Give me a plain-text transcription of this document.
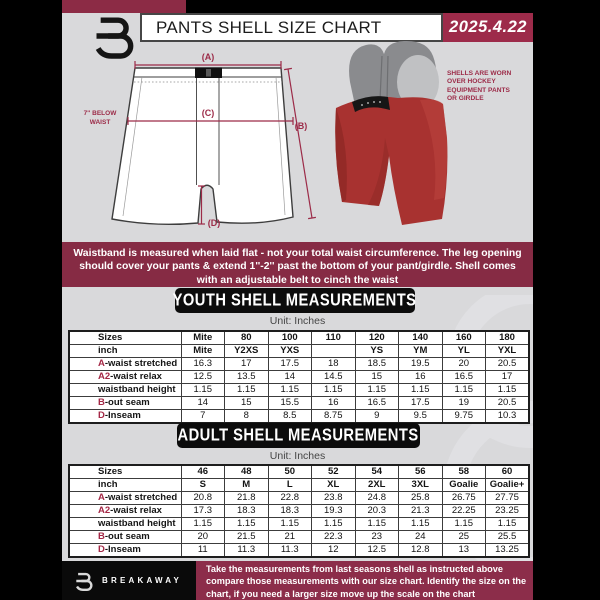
PANTS SHELL SIZE CHART	2025.4.22
(A)
(C)
(B)
(D)
7'' BELOW
WAIST
SHELLS ARE WORN OVER HOCKEY EQUIPMENT PANTS OR GIRDLE
Waistband is measured when laid flat - not your total waist circumference. The leg opening should cover your pants & extend 1''-2'' past the bottom of your pant/girdle. Shell comes with an adjustable belt to cinch the waist
YOUTH SHELL MEASUREMENTS
Unit: Inches
Sizes	Mite	80	100	110	120	140	160	180
inch	Mite	Y2XS	YXS		YS	YM	YL	YXL
A-waist stretched	16.3	17	17.5	18	18.5	19.5	20	20.5
A2-waist relax	12.5	13.5	14	14.5	15	16	16.5	17
waistband height	1.15	1.15	1.15	1.15	1.15	1.15	1.15	1.15
B-out seam	14	15	15.5	16	16.5	17.5	19	20.5
D-Inseam	7	8	8.5	8.75	9	9.5	9.75	10.3
ADULT SHELL MEASUREMENTS
Unit: Inches
Sizes	46	48	50	52	54	56	58	60
inch	S	M	L	XL	2XL	3XL	Goalie	Goalie+
A-waist stretched	20.8	21.8	22.8	23.8	24.8	25.8	26.75	27.75
A2-waist relax	17.3	18.3	18.3	19.3	20.3	21.3	22.25	23.25
waistband height	1.15	1.15	1.15	1.15	1.15	1.15	1.15	1.15
B-out seam	20	21.5	21	22.3	23	24	25	25.5
D-Inseam	11	11.3	11.3	12	12.5	12.8	13	13.25
BREAKAWAY
Take the measurements from last seasons shell as instructed above compare those measurements with our size chart. Identify the size on the chart, if you need a larger size move up the scale on the chart
